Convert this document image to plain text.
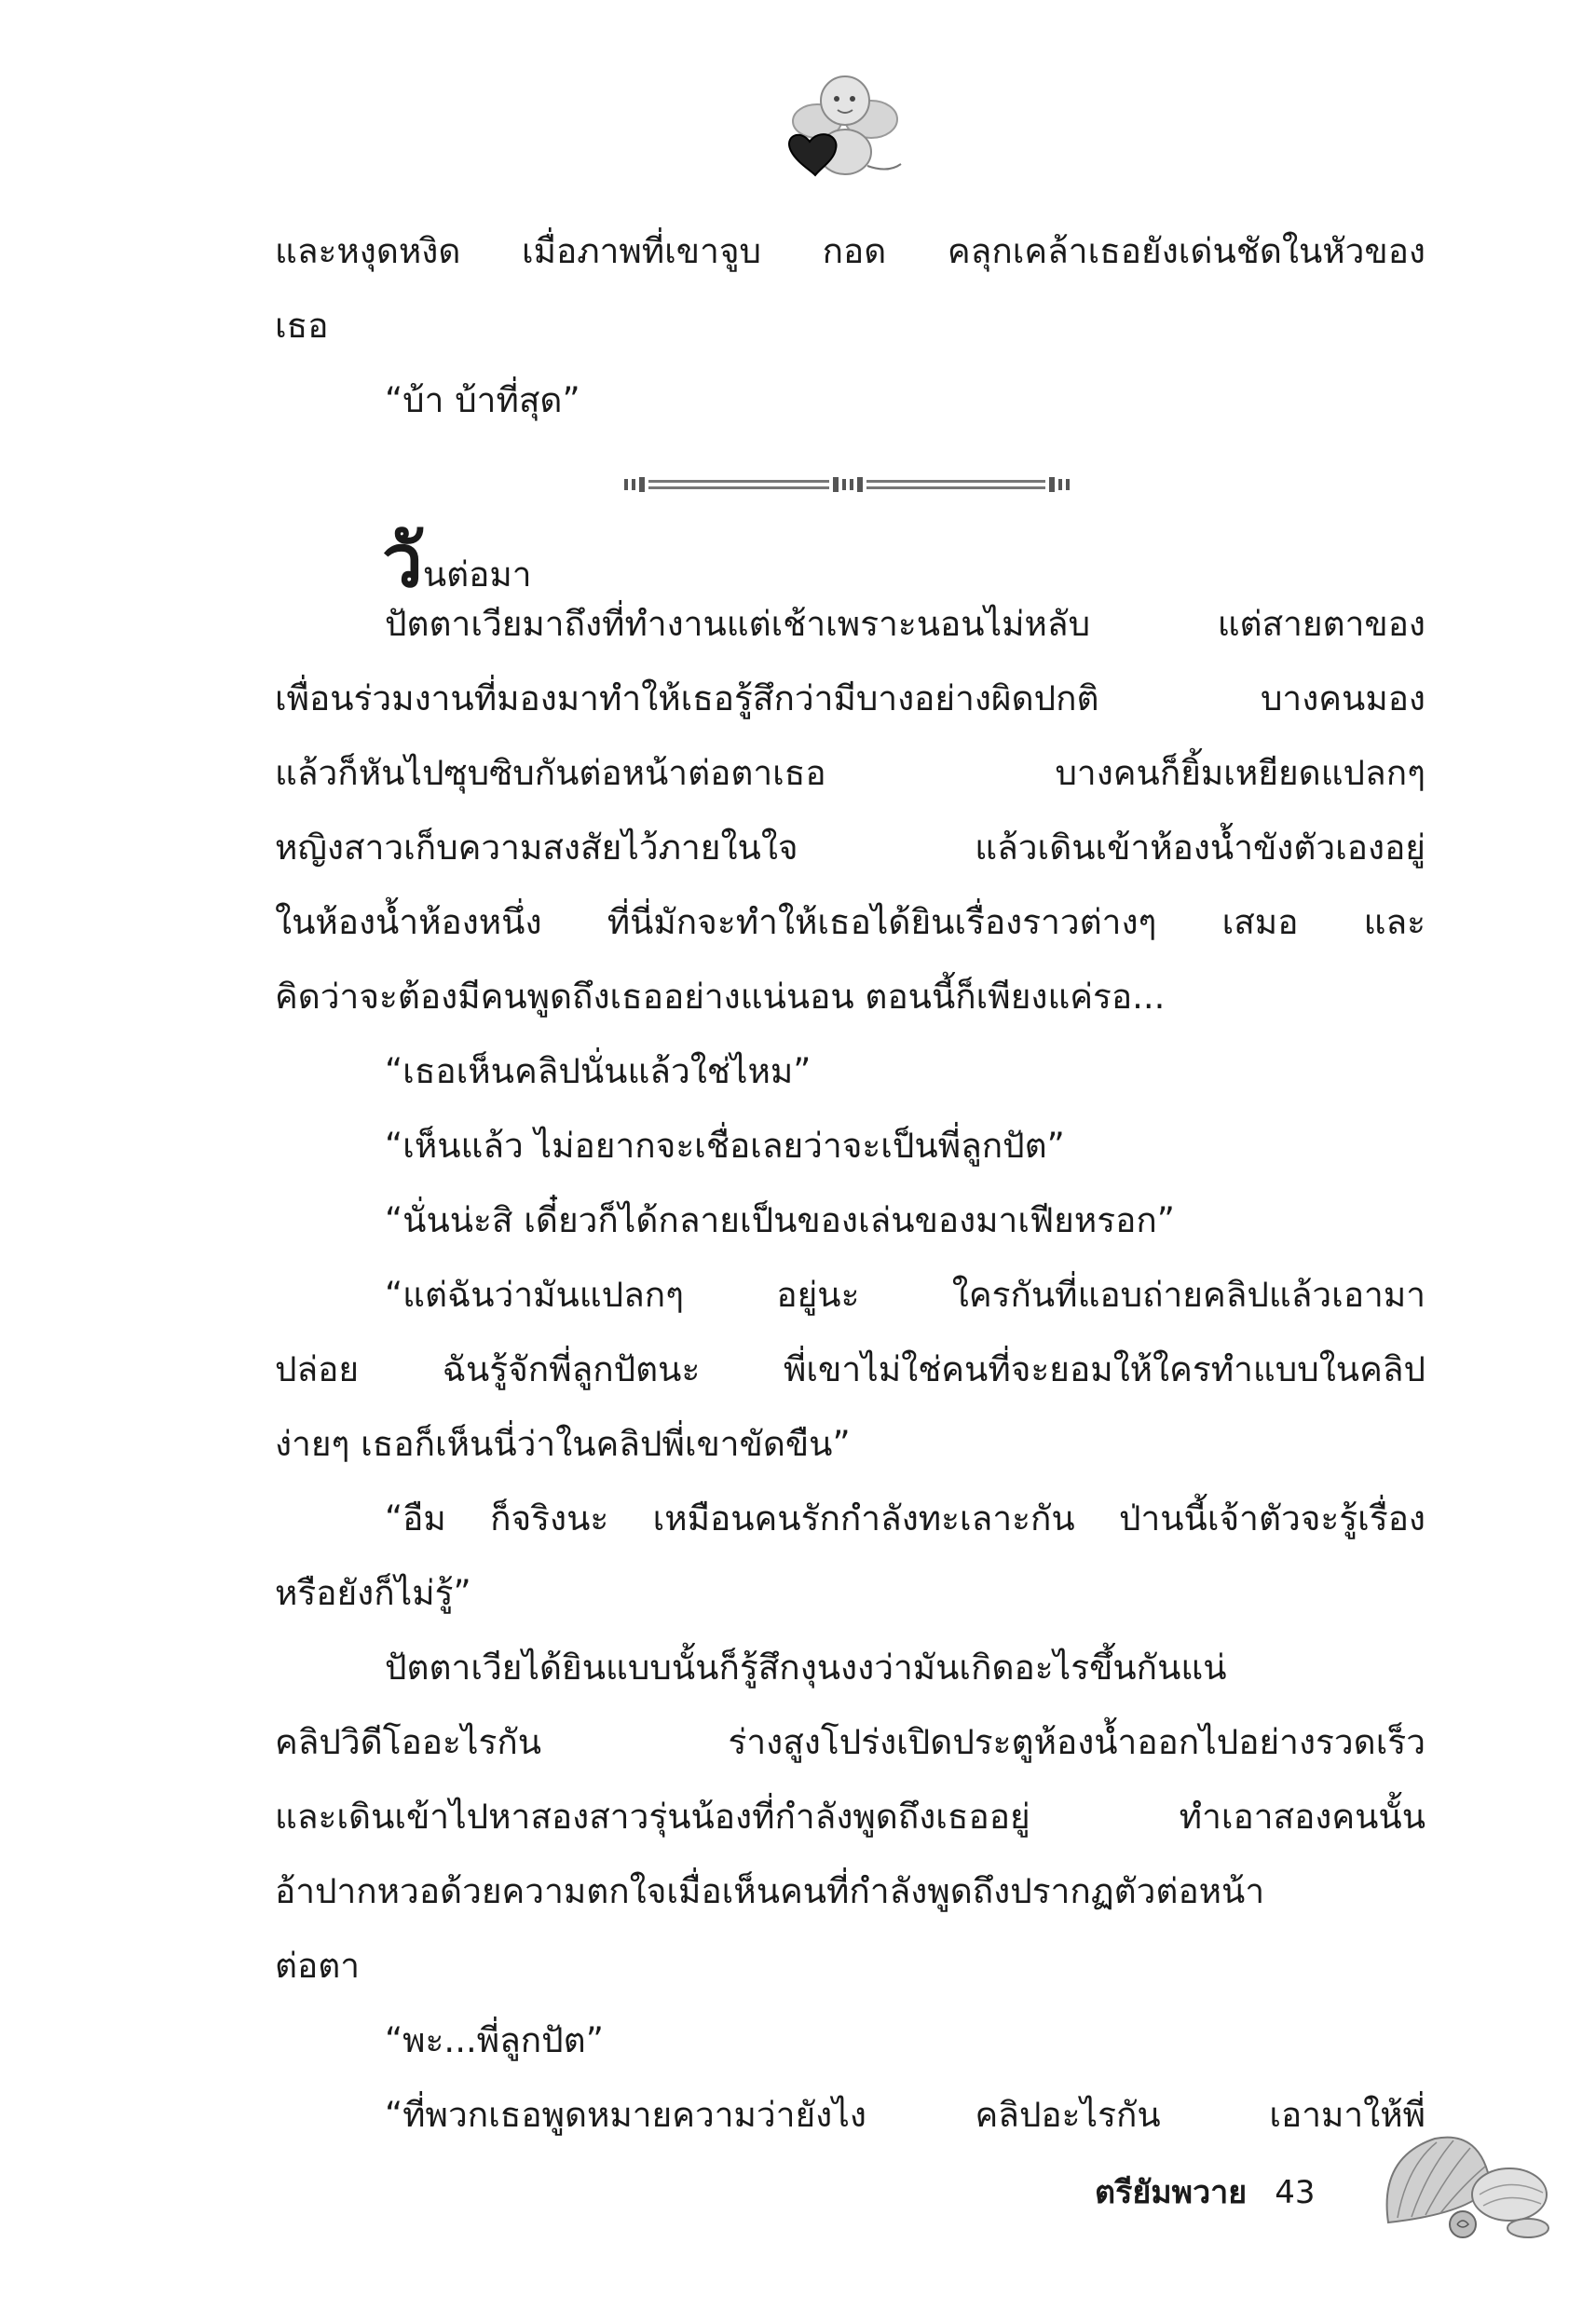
และหงุดหงิด เมื่อภาพที่เขาจูบ กอด คลุกเคล้าเธอยังเด่นชัดในหัวของ
เธอ
“บ้า บ้าที่สุด”
วันต่อมา
ปัตตาเวียมาถึงที่ทำงานแต่เช้าเพราะนอนไม่หลับ แต่สายตาของ
เพื่อนร่วมงานที่มองมาทำให้เธอรู้สึกว่ามีบางอย่างผิดปกติ บางคนมอง
แล้วก็หันไปซุบซิบกันต่อหน้าต่อตาเธอ บางคนก็ยิ้มเหยียดแปลกๆ
หญิงสาวเก็บความสงสัยไว้ภายในใจ แล้วเดินเข้าห้องน้ำขังตัวเองอยู่
ในห้องน้ำห้องหนึ่ง ที่นี่มักจะทำให้เธอได้ยินเรื่องราวต่างๆ เสมอ และ
คิดว่าจะต้องมีคนพูดถึงเธออย่างแน่นอน ตอนนี้ก็เพียงแค่รอ...
“เธอเห็นคลิปนั่นแล้วใช่ไหม”
“เห็นแล้ว ไม่อยากจะเชื่อเลยว่าจะเป็นพี่ลูกปัต”
“นั่นน่ะสิ เดี๋ยวก็ได้กลายเป็นของเล่นของมาเฟียหรอก”
“แต่ฉันว่ามันแปลกๆ อยู่นะ ใครกันที่แอบถ่ายคลิปแล้วเอามา
ปล่อย ฉันรู้จักพี่ลูกปัตนะ พี่เขาไม่ใช่คนที่จะยอมให้ใครทำแบบในคลิป
ง่ายๆ เธอก็เห็นนี่ว่าในคลิปพี่เขาขัดขืน”
“อืม ก็จริงนะ เหมือนคนรักกำลังทะเลาะกัน ป่านนี้เจ้าตัวจะรู้เรื่อง
หรือยังก็ไม่รู้”
ปัตตาเวียได้ยินแบบนั้นก็รู้สึกงุนงงว่ามันเกิดอะไรขึ้นกันแน่
คลิปวิดีโออะไรกัน ร่างสูงโปร่งเปิดประตูห้องน้ำออกไปอย่างรวดเร็ว
และเดินเข้าไปหาสองสาวรุ่นน้องที่กำลังพูดถึงเธออยู่ ทำเอาสองคนนั้น
อ้าปากหวอด้วยความตกใจเมื่อเห็นคนที่กำลังพูดถึงปรากฏตัวต่อหน้า
ต่อตา
“พะ...พี่ลูกปัต”
“ที่พวกเธอพูดหมายความว่ายังไง คลิปอะไรกัน เอามาให้พี่
ตรียัมพวาย 43
